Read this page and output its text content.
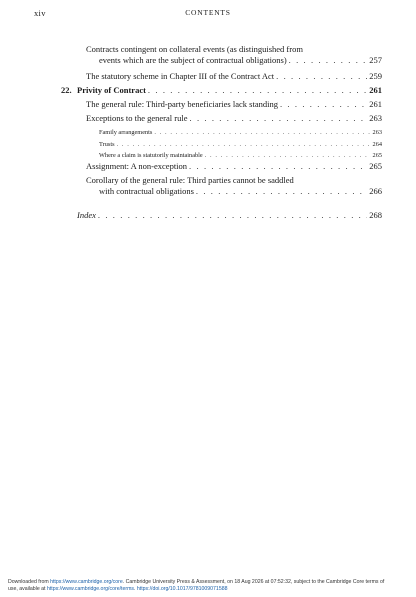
xiv	CONTENTS
Contracts contingent on collateral events (as distinguished from
events which are the subject of contractual obligations) . . .	257
The statutory scheme in Chapter III of the Contract Act . . .	259
22. Privity of Contract . . .	261
The general rule: Third-party beneficiaries lack standing . . .	261
Exceptions to the general rule . . .	263
Family arrangements . . .	263
Trusts . . .	264
Where a claim is statutorily maintainable . . .	265
Assignment: A non-exception . . .	265
Corollary of the general rule: Third parties cannot be saddled
with contractual obligations . . .	266
Index . . .	268
Downloaded from https://www.cambridge.org/core. Cambridge University Press & Assessment, on 18 Aug 2026 at 07:52:32, subject to the Cambridge Core terms of
use, available at https://www.cambridge.org/core/terms. https://doi.org/10.1017/9781009071588
